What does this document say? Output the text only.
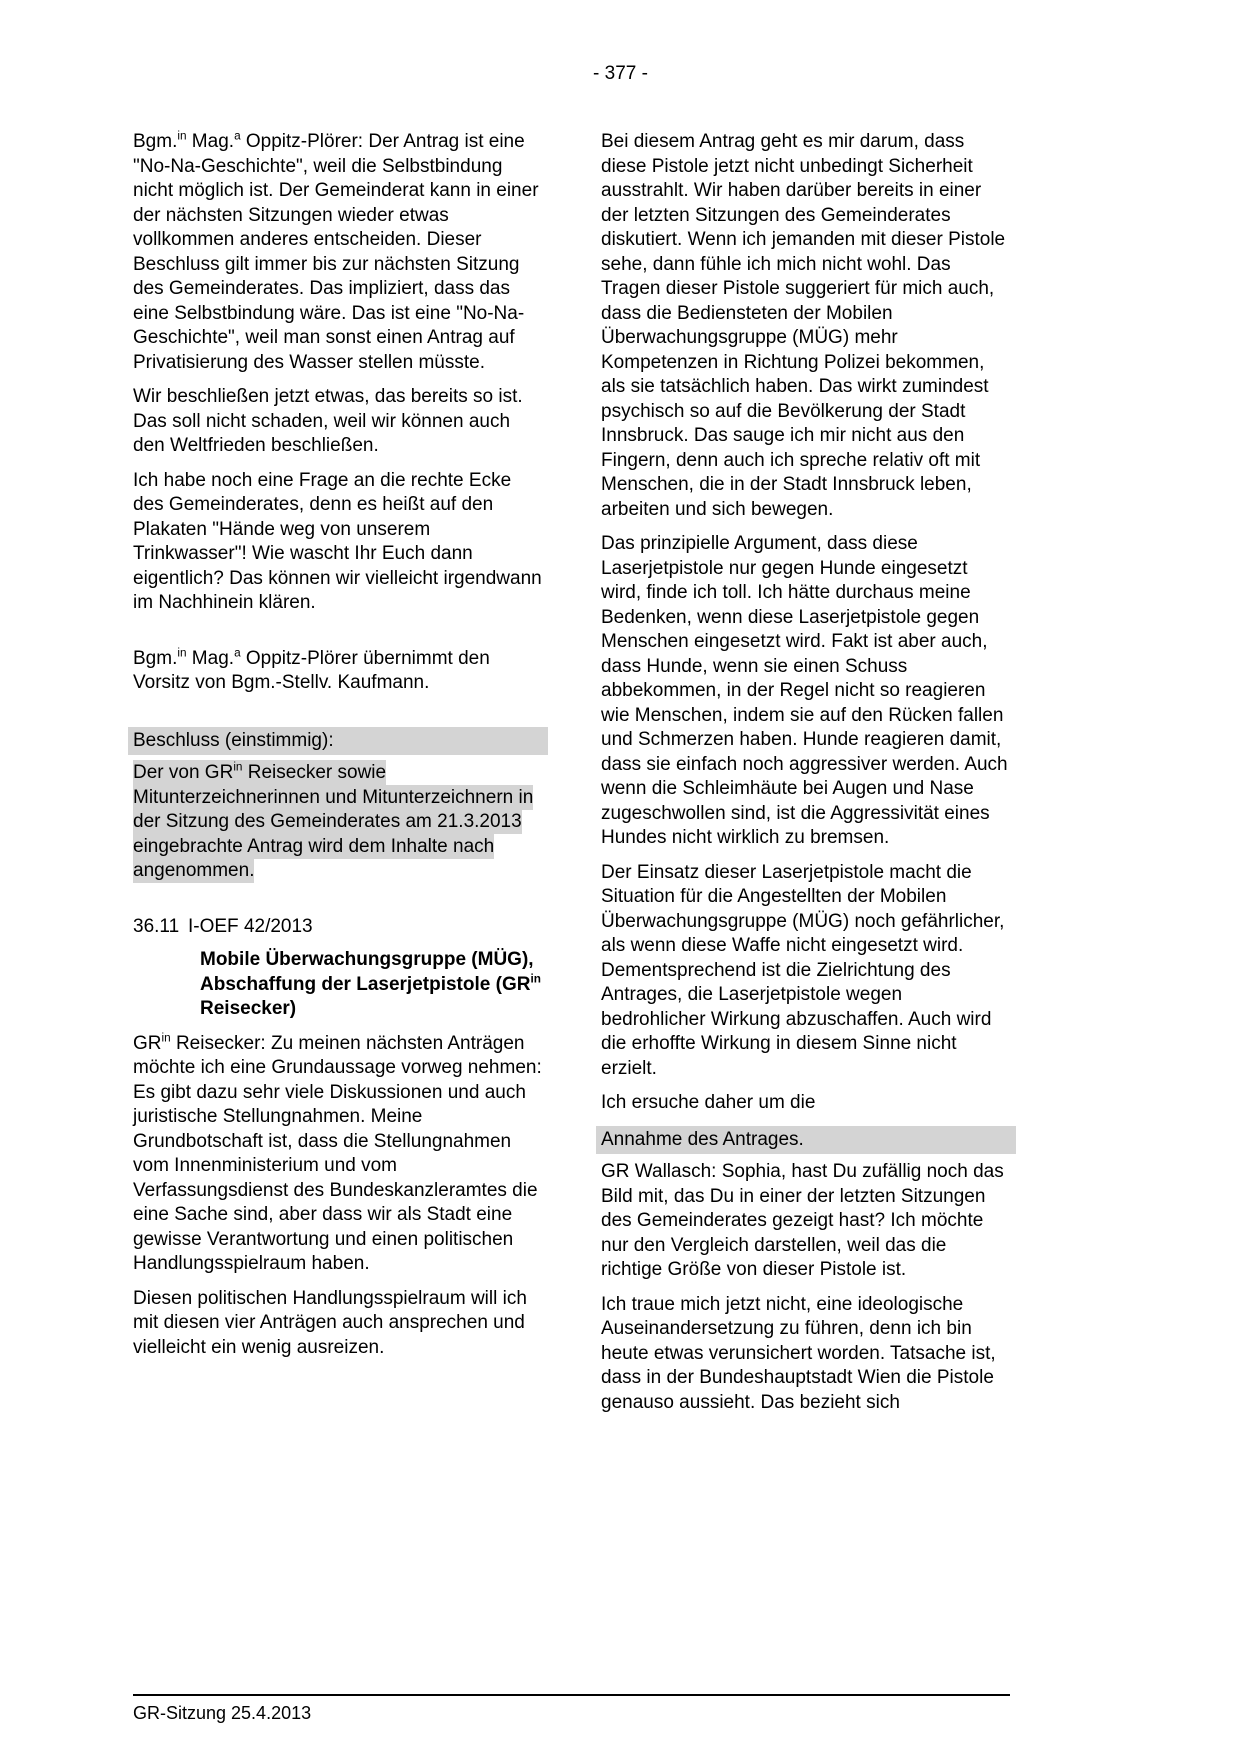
- 377 -
Bgm.$^{in}$ Mag.$^a$ Oppitz-Plörer: Der Antrag ist eine "No-Na-Geschichte", weil die Selbstbindung nicht möglich ist. Der Gemeinderat kann in einer der nächsten Sitzungen wieder etwas vollkommen anderes entscheiden. Dieser Beschluss gilt immer bis zur nächsten Sitzung des Gemeinderates. Das impliziert, dass das eine Selbstbindung wäre. Das ist eine "No-Na-Geschichte", weil man sonst einen Antrag auf Privatisierung des Wasser stellen müsste.
Wir beschließen jetzt etwas, das bereits so ist. Das soll nicht schaden, weil wir können auch den Weltfrieden beschließen.
Ich habe noch eine Frage an die rechte Ecke des Gemeinderates, denn es heißt auf den Plakaten "Hände weg von unserem Trinkwasser"! Wie wascht Ihr Euch dann eigentlich? Das können wir vielleicht irgendwann im Nachhinein klären.
Bgm.$^{in}$ Mag.$^a$ Oppitz-Plörer übernimmt den Vorsitz von Bgm.-Stellv. Kaufmann.
Beschluss (einstimmig):
Der von $GR^{in}$ Reisecker sowie Mitunterzeichnerinnen und Mitunterzeichnern in der Sitzung des Gemeinderates am 21.3.2013 eingebrachte Antrag wird dem Inhalte nach angenommen.
36.11 I-OEF 42/2013
Mobile Überwachungsgruppe (MÜG), Abschaffung der Laserjetpistole ($GR^{in}$ Reisecker)
$GR^{in}$ Reisecker: Zu meinen nächsten Anträgen möchte ich eine Grundaussage vorweg nehmen: Es gibt dazu sehr viele Diskussionen und auch juristische Stellungnahmen. Meine Grundbotschaft ist, dass die Stellungnahmen vom Innenministerium und vom Verfassungsdienst des Bundeskanzleramtes die eine Sache sind, aber dass wir als Stadt eine gewisse Verantwortung und einen politischen Handlungsspielraum haben.
Diesen politischen Handlungsspielraum will ich mit diesen vier Anträgen auch ansprechen und vielleicht ein wenig ausreizen.
Bei diesem Antrag geht es mir darum, dass diese Pistole jetzt nicht unbedingt Sicherheit ausstrahlt. Wir haben darüber bereits in einer der letzten Sitzungen des Gemeinderates diskutiert. Wenn ich jemanden mit dieser Pistole sehe, dann fühle ich mich nicht wohl. Das Tragen dieser Pistole suggeriert für mich auch, dass die Bediensteten der Mobilen Überwachungsgruppe (MÜG) mehr Kompetenzen in Richtung Polizei bekommen, als sie tatsächlich haben. Das wirkt zumindest psychisch so auf die Bevölkerung der Stadt Innsbruck. Das sauge ich mir nicht aus den Fingern, denn auch ich spreche relativ oft mit Menschen, die in der Stadt Innsbruck leben, arbeiten und sich bewegen.
Das prinzipielle Argument, dass diese Laserjetpistole nur gegen Hunde eingesetzt wird, finde ich toll. Ich hätte durchaus meine Bedenken, wenn diese Laserjetpistole gegen Menschen eingesetzt wird. Fakt ist aber auch, dass Hunde, wenn sie einen Schuss abbekommen, in der Regel nicht so reagieren wie Menschen, indem sie auf den Rücken fallen und Schmerzen haben. Hunde reagieren damit, dass sie einfach noch aggressiver werden. Auch wenn die Schleimhäute bei Augen und Nase zugeschwollen sind, ist die Aggressivität eines Hundes nicht wirklich zu bremsen.
Der Einsatz dieser Laserjetpistole macht die Situation für die Angestellten der Mobilen Überwachungsgruppe (MÜG) noch gefährlicher, als wenn diese Waffe nicht eingesetzt wird. Dementsprechend ist die Zielrichtung des Antrages, die Laserjetpistole wegen bedrohlicher Wirkung abzuschaffen. Auch wird die erhoffte Wirkung in diesem Sinne nicht erzielt.
Ich ersuche daher um die
Annahme des Antrages.
GR Wallasch: Sophia, hast Du zufällig noch das Bild mit, das Du in einer der letzten Sitzungen des Gemeinderates gezeigt hast? Ich möchte nur den Vergleich darstellen, weil das die richtige Größe von dieser Pistole ist.
Ich traue mich jetzt nicht, eine ideologische Auseinandersetzung zu führen, denn ich bin heute etwas verunsichert worden. Tatsache ist, dass in der Bundeshauptstadt Wien die Pistole genauso aussieht. Das bezieht sich
GR-Sitzung 25.4.2013
